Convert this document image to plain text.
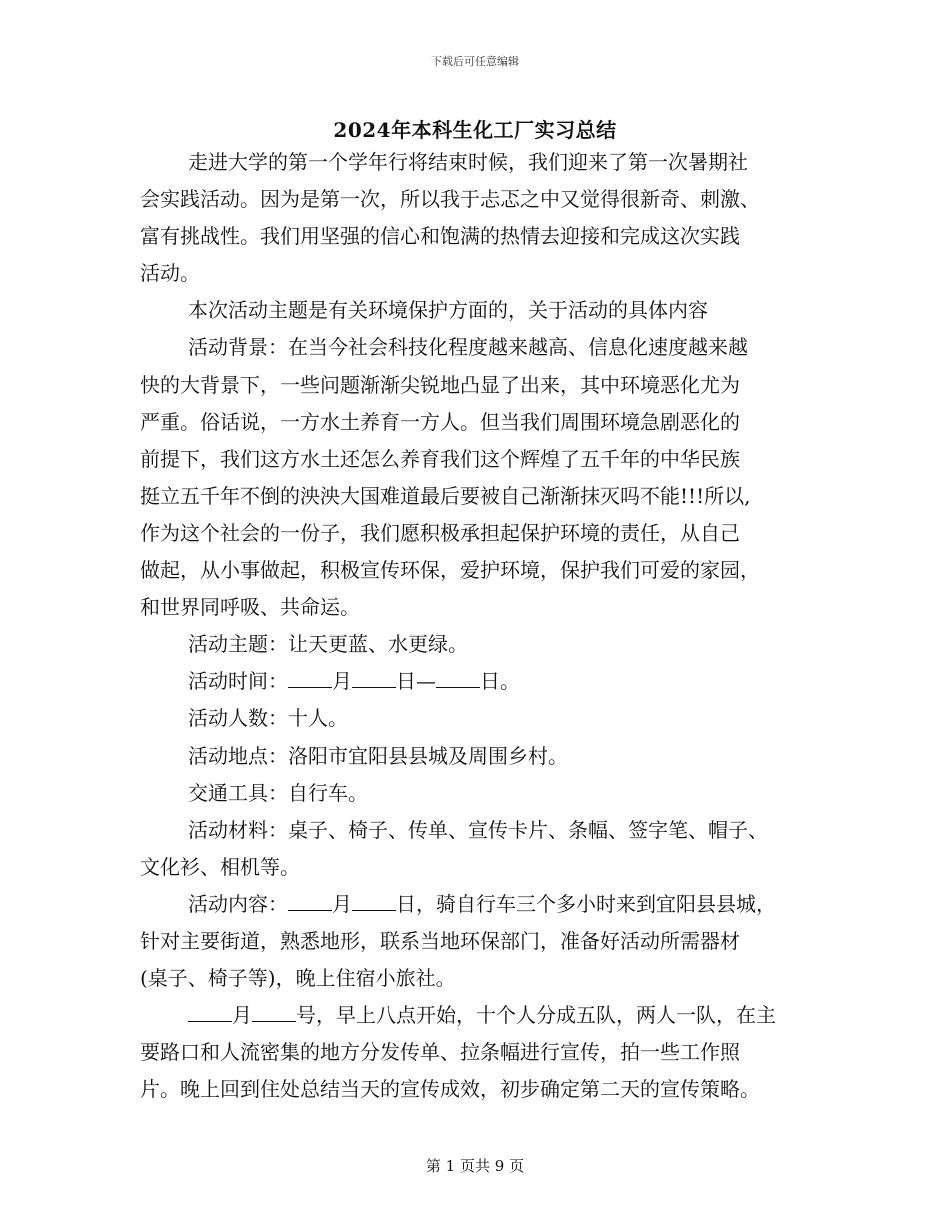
下载后可任意编辑
2024年本科生化工厂实习总结
走进大学的第一个学年行将结束时候，我们迎来了第一次暑期社
会实践活动。因为是第一次，所以我于忐忑之中又觉得很新奇、刺激、
富有挑战性。我们用坚强的信心和饱满的热情去迎接和完成这次实践
活动。
本次活动主题是有关环境保护方面的，关于活动的具体内容
活动背景：在当今社会科技化程度越来越高、信息化速度越来越
快的大背景下，一些问题渐渐尖锐地凸显了出来，其中环境恶化尤为
严重。俗话说，一方水土养育一方人。但当我们周围环境急剧恶化的
前提下，我们这方水土还怎么养育我们这个辉煌了五千年的中华民族
挺立五千年不倒的泱泱大国难道最后要被自己渐渐抹灭吗不能!!!所以,
作为这个社会的一份子，我们愿积极承担起保护环境的责任，从自己
做起，从小事做起，积极宣传环保，爱护环境，保护我们可爱的家园，
和世界同呼吸、共命运。
活动主题：让天更蓝、水更绿。
活动时间： 月 日— 日。
活动人数：十人。
活动地点：洛阳市宜阳县县城及周围乡村。
交通工具：自行车。
活动材料：桌子、椅子、传单、宣传卡片、条幅、签字笔、帽子、
文化衫、相机等。
活动内容： 月 日，骑自行车三个多小时来到宜阳县县城，
针对主要街道，熟悉地形，联系当地环保部门，准备好活动所需器材
(桌子、椅子等)，晚上住宿小旅社。
月 号，早上八点开始，十个人分成五队，两人一队，在主
要路口和人流密集的地方分发传单、拉条幅进行宣传，拍一些工作照
片。晚上回到住处总结当天的宣传成效，初步确定第二天的宣传策略。
第 1 页共 9 页
